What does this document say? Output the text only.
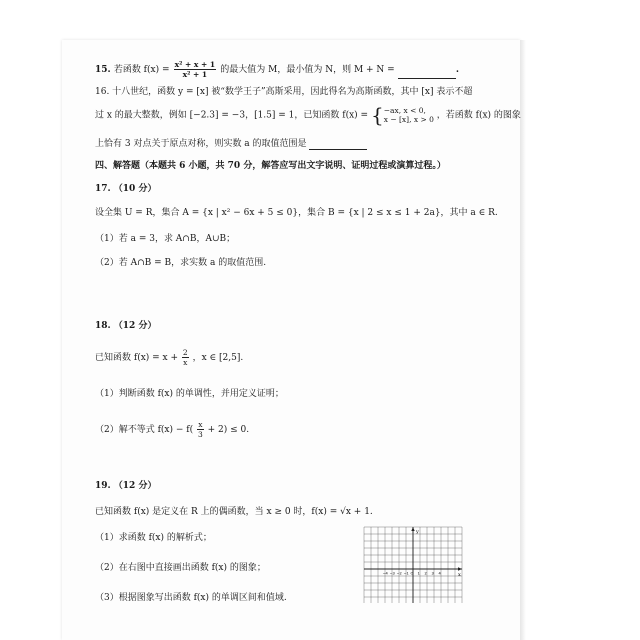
15. 若函数 $f(x) = \frac{\text{x² + x + 1}}{\text{x² + 1}}$ 的最大值为 M，最小值为 N，则 M + N =	.
16. 十八世纪，函数 y = [x] 被“数学王子”高斯采用，因此得名为高斯函数，其中 [x] 表示不超
过 x 的最大整数，例如 [−2.3] = −3，[1.5] = 1，已知函数 f(x) = { −ax, x < 0,
x − [x], x > 0 ，若函数 f(x) 的图象
上恰有 3 对点关于原点对称，则实数 a 的取值范围是
四、解答题（本题共 6 小题，共 70 分，解答应写出文字说明、证明过程或演算过程。）
17. （10 分）
设全集 U = R，集合 A = {x | x² − 6x + 5 ≤ 0}，集合 B = {x | 2 ≤ x ≤ 1 + 2a}，其中 a ∈ R.
（1）若 a = 3，求 A∩B，A∪B；
（2）若 A∩B = B，求实数 a 的取值范围.
18. （12 分）
已知函数 $f(x) = x + \frac{2}{x}$ ，x ∈ [2,5].
（1）判断函数 f(x) 的单调性，并用定义证明；
（2）解不等式 $f(x) - f( \frac{x}{3} + 2) \le 0$.
19. （12 分）
已知函数 f(x) 是定义在 R 上的偶函数，当 x ≥ 0 时，f(x) = √x + 1.
（1）求函数 f(x) 的解析式；
（2）在右图中直接画出函数 f(x) 的图象；
（3）根据图象写出函数 f(x) 的单调区间和值域.
y
x
−4 −3 −2 −1 O 1 2 3 4
